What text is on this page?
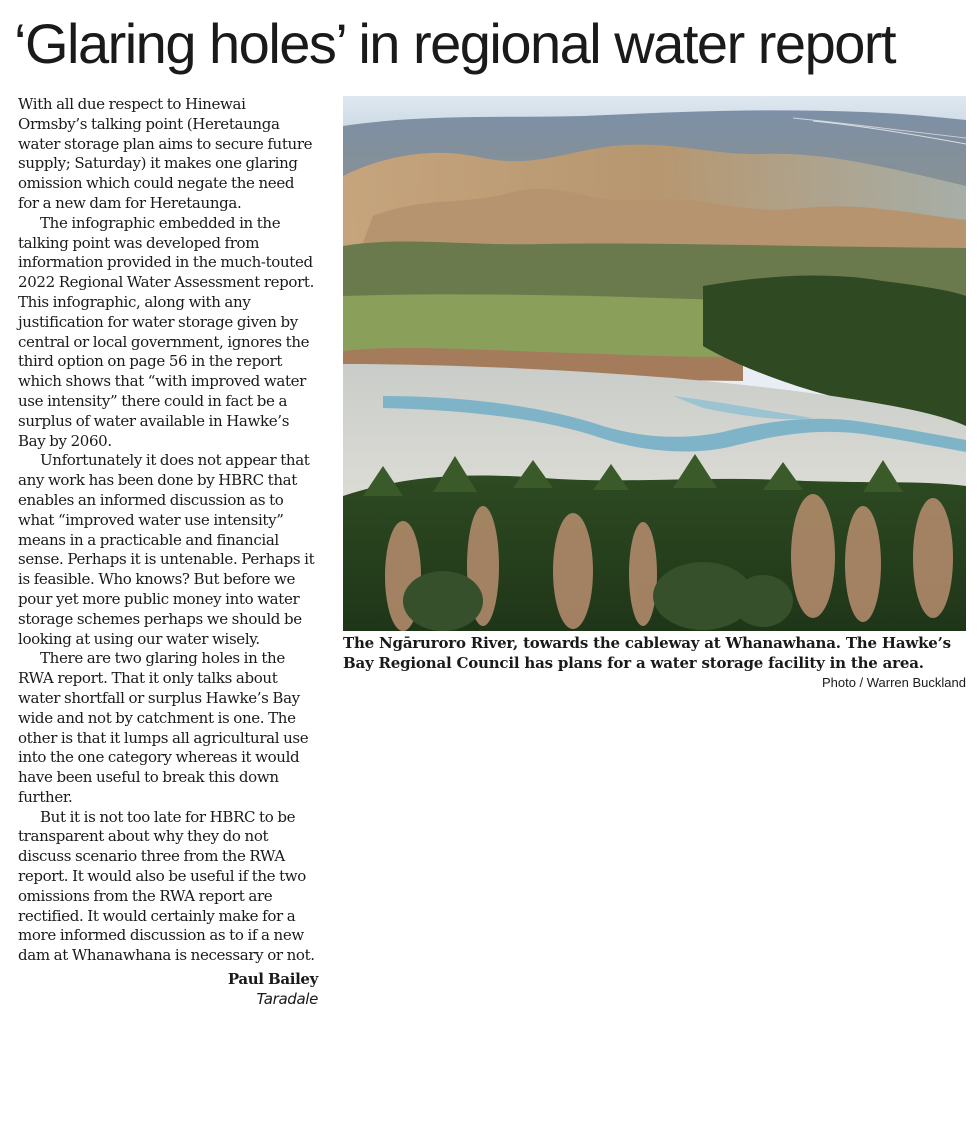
‘Glaring holes’ in regional water report

With all due respect to Hinewai Ormsby’s talking point (Heretaunga water storage plan aims to secure future supply; Saturday) it makes one glaring omission which could negate the need for a new dam for Heretaunga.

The infographic embedded in the talking point was developed from information provided in the much-touted 2022 Regional Water Assessment report. This infographic, along with any justification for water storage given by central or local government, ignores the third option on page 56 in the report which shows that “with improved water use intensity” there could in fact be a surplus of water available in Hawke’s Bay by 2060.

Unfortunately it does not appear that any work has been done by HBRC that enables an informed discussion as to what “improved water use intensity” means in a practicable and financial sense. Perhaps it is untenable. Perhaps it is feasible. Who knows? But before we pour yet more public money into water storage schemes perhaps we should be looking at using our water wisely.

There are two glaring holes in the RWA report. That it only talks about water shortfall or surplus Hawke’s Bay wide and not by catchment is one. The other is that it lumps all agricultural use into the one category whereas it would have been useful to break this down further.

But it is not too late for HBRC to be transparent about why they do not discuss scenario three from the RWA report. It would also be useful if the two omissions from the RWA report are rectified. It would certainly make for a more informed discussion as to if a new dam at Whanawhana is necessary or not.

Paul Bailey
Taradale

The Ngāruroro River, towards the cableway at Whanawhana. The Hawke’s Bay Regional Council has plans for a water storage facility in the area.

Photo / Warren Buckland
